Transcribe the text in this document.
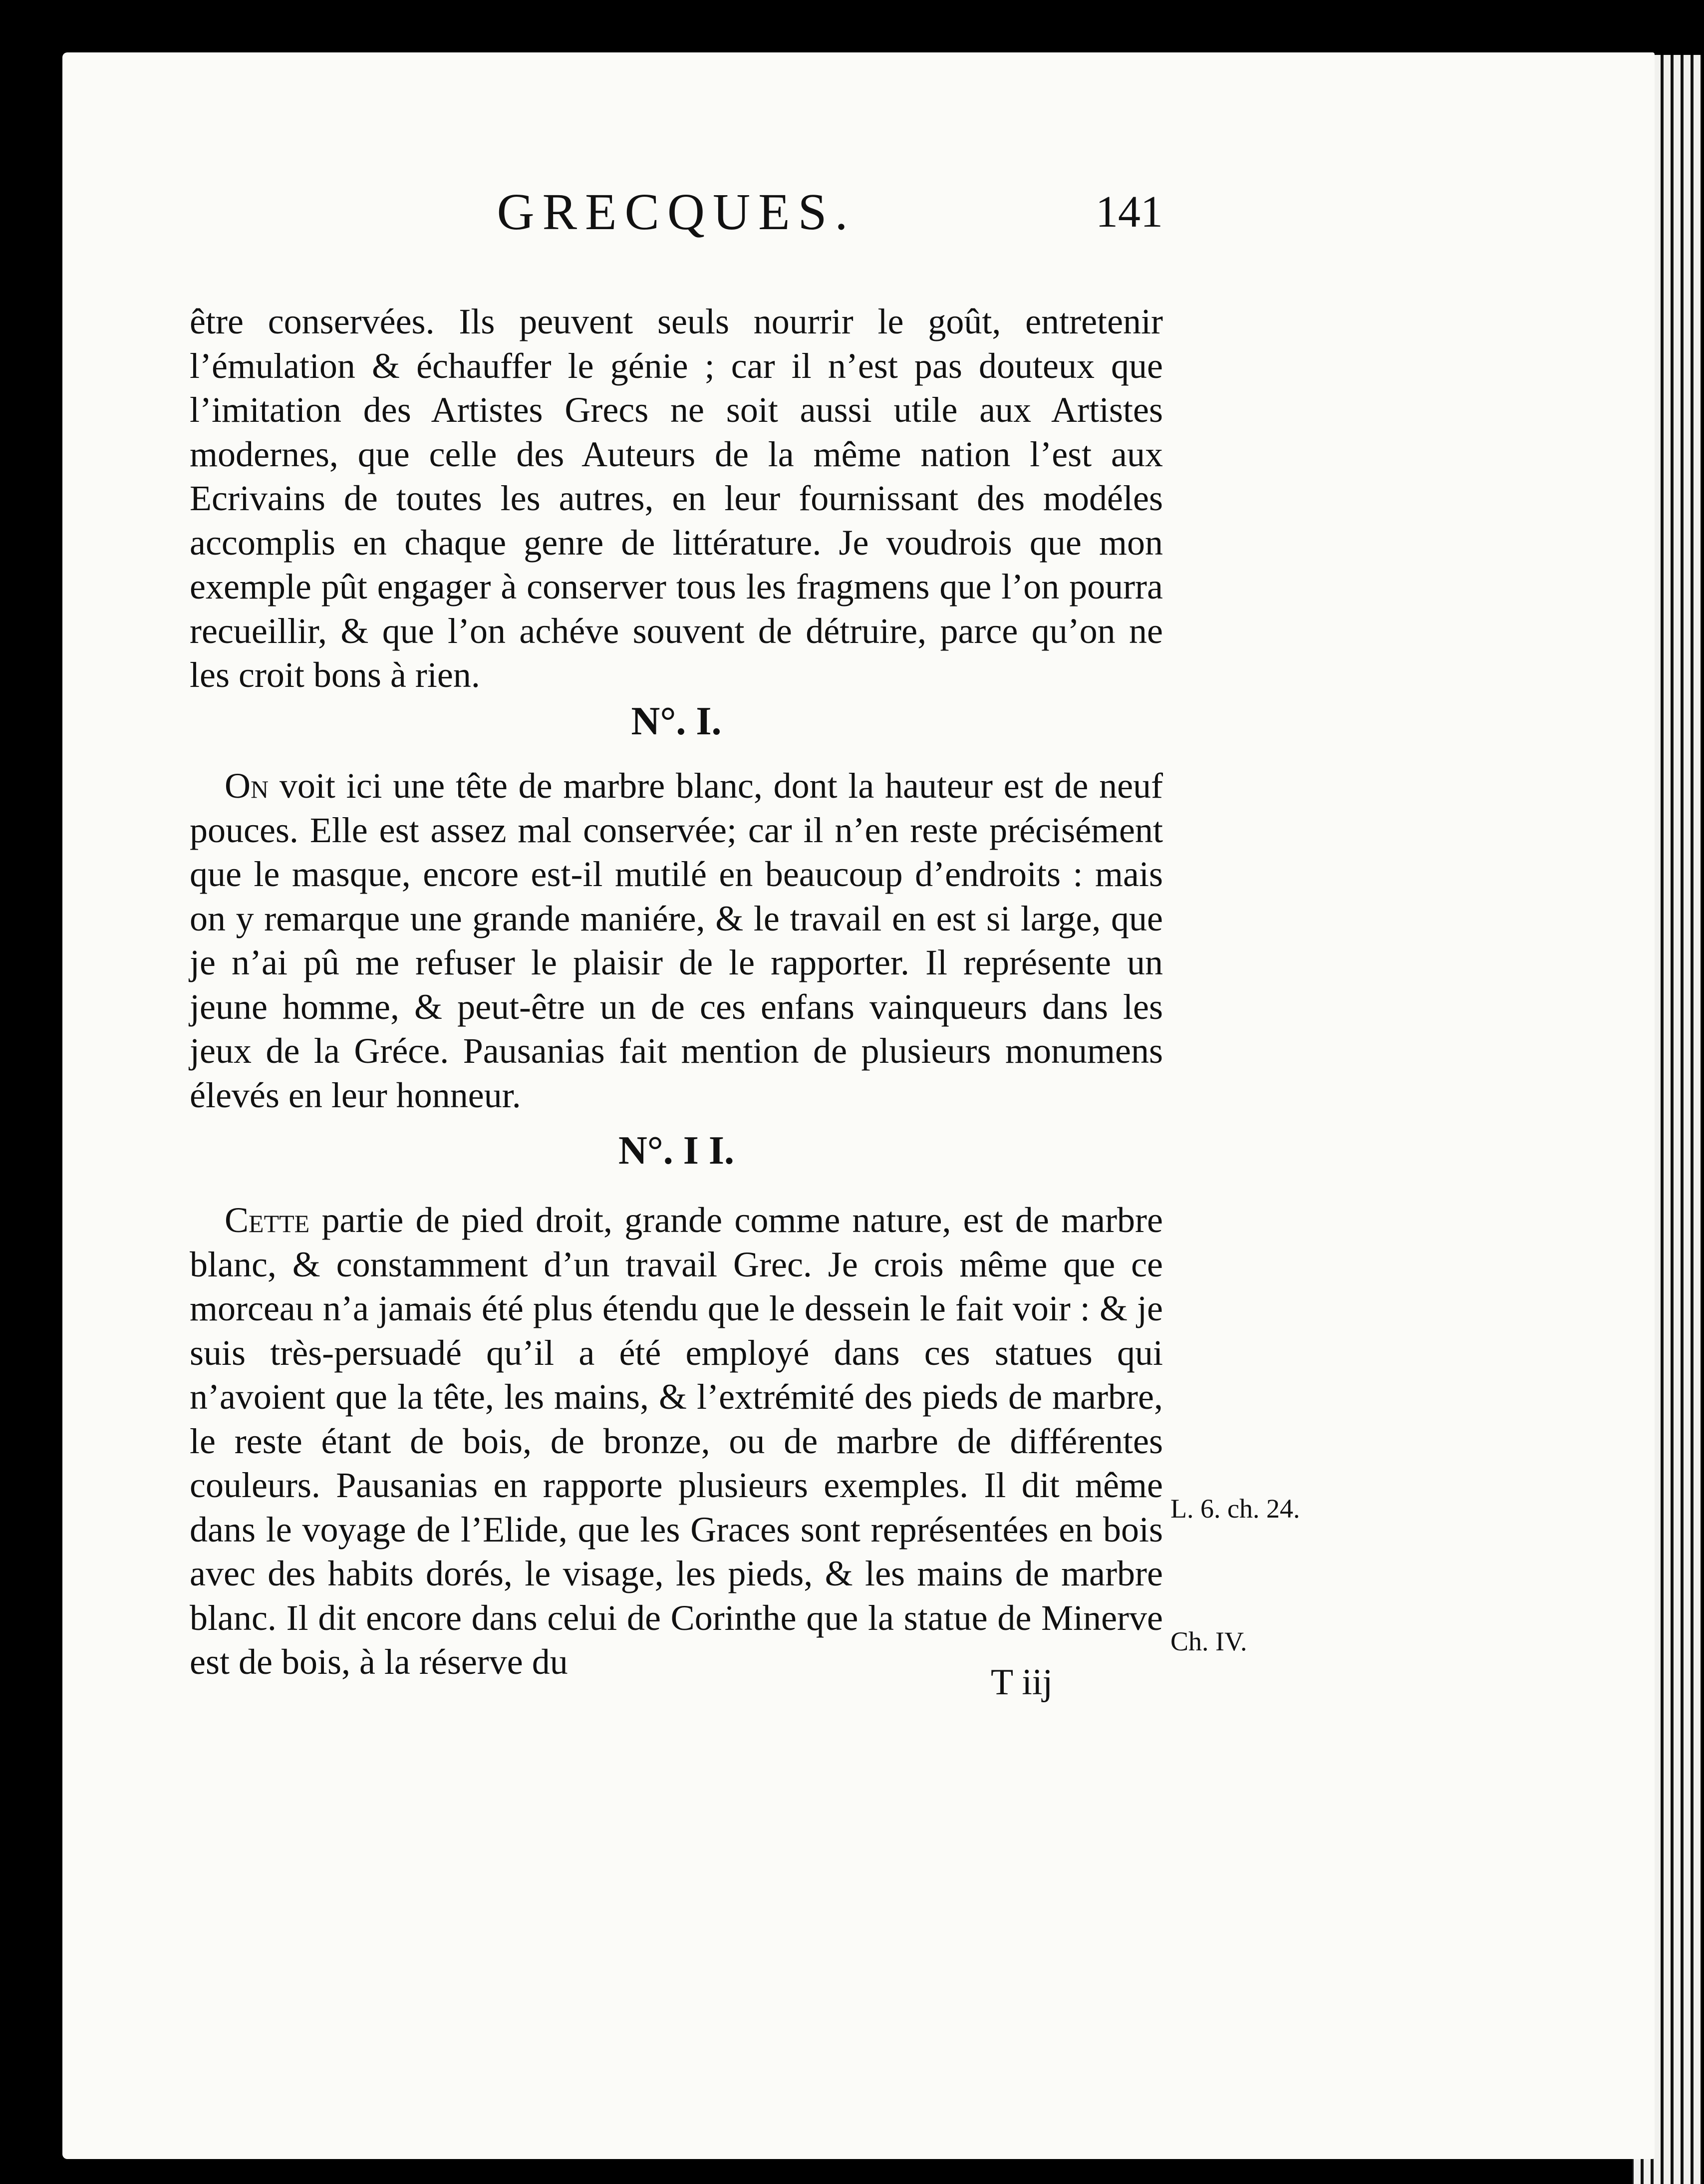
GRECQUES.	141

être conservées. Ils peuvent seuls nourrir le goût, entretenir l’émulation & échauffer le génie ; car il n’est pas douteux que l’imitation des Artistes Grecs ne soit aussi utile aux Artistes modernes, que celle des Auteurs de la même nation l’est aux Ecrivains de toutes les autres, en leur fournissant des modéles accomplis en chaque genre de littérature. Je voudrois que mon exemple pût engager à conserver tous les fragmens que l’on pourra recueillir, & que l’on achéve souvent de détruire, parce qu’on ne les croit bons à rien.

N°. I.

On voit ici une tête de marbre blanc, dont la hauteur est de neuf pouces. Elle est assez mal conservée; car il n’en reste précisément que le masque, encore est-il mutilé en beaucoup d’endroits : mais on y remarque une grande maniére, & le travail en est si large, que je n’ai pû me refuser le plaisir de le rapporter. Il représente un jeune homme, & peut-être un de ces enfans vainqueurs dans les jeux de la Gréce. Pausanias fait mention de plusieurs monumens élevés en leur honneur.

N°. I I.

Cette partie de pied droit, grande comme nature, est de marbre blanc, & constamment d’un travail Grec. Je crois même que ce morceau n’a jamais été plus étendu que le dessein le fait voir : & je suis très-persuadé qu’il a été employé dans ces statues qui n’avoient que la tête, les mains, & l’extrémité des pieds de marbre, le reste étant de bois, de bronze, ou de marbre de différentes couleurs. Pausanias en rapporte plusieurs exemples. Il dit même dans le voyage de l’Elide, que les Graces sont représentées en bois avec des habits dorés, le visage, les pieds, & les mains de marbre blanc. Il dit encore dans celui de Corinthe que la statue de Minerve est de bois, à la réserve du

L. 6. ch. 24.
Ch. IV.
T iij
